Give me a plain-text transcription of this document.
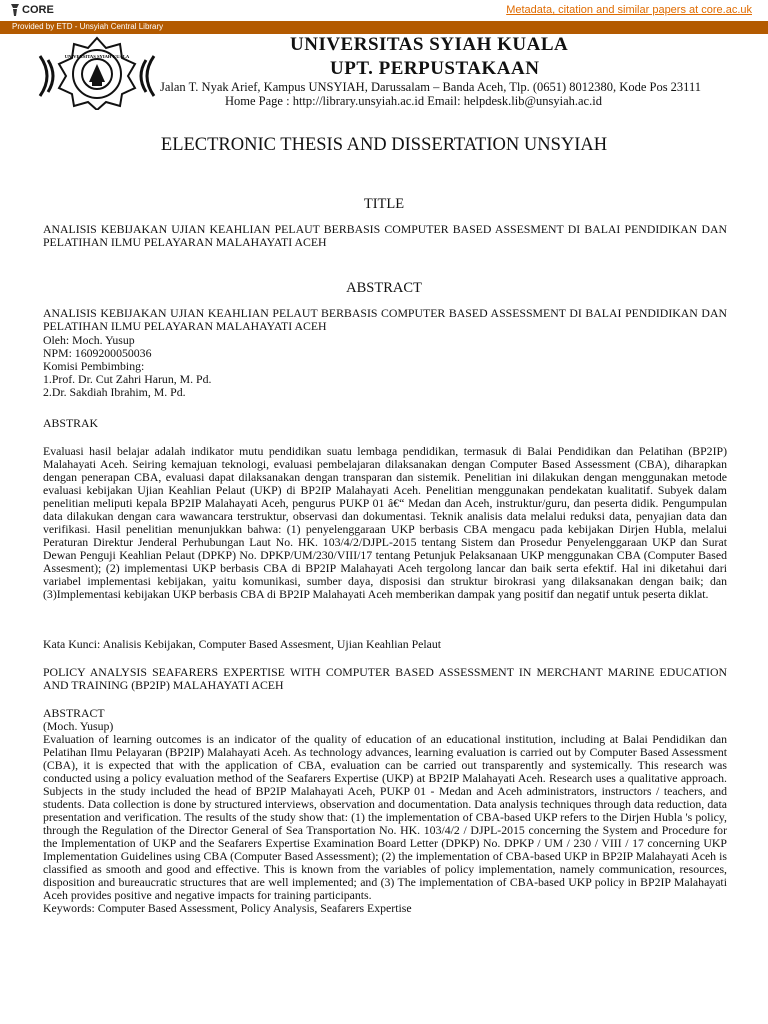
CORE	Metadata, citation and similar papers at core.ac.uk
Provided by ETD - Unsyiah Central Library
UNIVERSITAS SYIAH KUALA
UNIVERSITAS SYIAH KUALA
UPT. PERPUSTAKAAN
Jalan T. Nyak Arief, Kampus UNSYIAH, Darussalam – Banda Aceh, Tlp. (0651) 8012380, Kode Pos 23111
Home Page : http://library.unsyiah.ac.id Email: helpdesk.lib@unsyiah.ac.id
ELECTRONIC THESIS AND DISSERTATION UNSYIAH
TITLE

ANALISIS KEBIJAKAN UJIAN KEAHLIAN PELAUT BERBASIS COMPUTER BASED ASSESMENT DI BALAI PENDIDIKAN DAN PELATIHAN ILMU PELAYARAN MALAHAYATI ACEH

ABSTRACT

ANALISIS KEBIJAKAN UJIAN KEAHLIAN PELAUT BERBASIS COMPUTER BASED ASSESSMENT DI BALAI PENDIDIKAN DAN PELATIHAN ILMU PELAYARAN MALAHAYATI ACEH

Oleh: Moch. Yusup
NPM: 1609200050036
Komisi Pembimbing:
1.Prof. Dr. Cut Zahri Harun, M. Pd.
2.Dr. Sakdiah Ibrahim, M. Pd.
ABSTRAK

Evaluasi hasil belajar adalah indikator mutu pendidikan suatu lembaga pendidikan, termasuk di Balai Pendidikan dan Pelatihan (BP2IP) Malahayati Aceh. Seiring kemajuan teknologi, evaluasi pembelajaran dilaksanakan dengan Computer Based Assessment (CBA), diharapkan dengan penerapan CBA, evaluasi dapat dilaksanakan dengan transparan dan sistemik. Penelitian ini dilakukan dengan menggunakan metode evaluasi kebijakan Ujian Keahlian Pelaut (UKP) di BP2IP Malahayati Aceh. Penelitian menggunakan pendekatan kualitatif. Subyek dalam penelitian meliputi kepala BP2IP Malahayati Aceh, pengurus PUKP 01 â€“ Medan dan Aceh, instruktur/guru, dan peserta didik. Pengumpulan data dilakukan dengan cara wawancara terstruktur, observasi dan dokumentasi. Teknik analisis data melalui reduksi data, penyajian data dan verifikasi. Hasil penelitian menunjukkan bahwa: (1) penyelenggaraan UKP berbasis CBA mengacu pada kebijakan Dirjen Hubla, melalui Peraturan Direktur Jenderal Perhubungan Laut No. HK. 103/4/2/DJPL-2015 tentang Sistem dan Prosedur Penyelenggaraan UKP dan Surat Dewan Penguji Keahlian Pelaut (DPKP) No. DPKP/UM/230/VIII/17 tentang Petunjuk Pelaksanaan UKP menggunakan CBA (Computer Based Assesment); (2) implementasi UKP berbasis CBA di BP2IP Malahayati Aceh tergolong lancar dan baik serta efektif. Hal ini diketahui dari variabel implementasi kebijakan, yaitu komunikasi, sumber daya, disposisi dan struktur birokrasi yang dilaksanakan dengan baik; dan (3)Implementasi kebijakan UKP berbasis CBA di BP2IP Malahayati Aceh memberikan dampak yang positif dan negatif untuk peserta diklat.

Kata Kunci: Analisis Kebijakan, Computer Based Assesment, Ujian Keahlian Pelaut

POLICY ANALYSIS SEAFARERS EXPERTISE WITH COMPUTER BASED ASSESSMENT IN MERCHANT MARINE EDUCATION AND TRAINING (BP2IP) MALAHAYATI ACEH

ABSTRACT
(Moch. Yusup)

Evaluation of learning outcomes is an indicator of the quality of education of an educational institution, including at Balai Pendidikan dan Pelatihan Ilmu Pelayaran (BP2IP) Malahayati Aceh. As technology advances, learning evaluation is carried out by Computer Based Assessment (CBA), it is expected that with the application of CBA, evaluation can be carried out transparently and systemically. This research was conducted using a policy evaluation method of the Seafarers Expertise (UKP) at BP2IP Malahayati Aceh. Research uses a qualitative approach. Subjects in the study included the head of BP2IP Malahayati Aceh, PUKP 01 - Medan and Aceh administrators, instructors / teachers, and students. Data collection is done by structured interviews, observation and documentation. Data analysis techniques through data reduction, data presentation and verification. The results of the study show that: (1) the implementation of CBA-based UKP refers to the Dirjen Hubla 's policy, through the Regulation of the Director General of Sea Transportation No. HK. 103/4/2 / DJPL-2015 concerning the System and Procedure for the Implementation of UKP and the Seafarers Expertise Examination Board Letter (DPKP) No. DPKP / UM / 230 / VIII / 17 concerning UKP Implementation Guidelines using CBA (Computer Based Assessment); (2) the implementation of CBA-based UKP in BP2IP Malahayati Aceh is classified as smooth and good and effective. This is known from the variables of policy implementation, namely communication, resources, disposition and bureaucratic structures that are well implemented; and (3) The implementation of CBA-based UKP policy in BP2IP Malahayati Aceh provides positive and negative impacts for training participants.

Keywords: Computer Based Assessment, Policy Analysis, Seafarers Expertise
